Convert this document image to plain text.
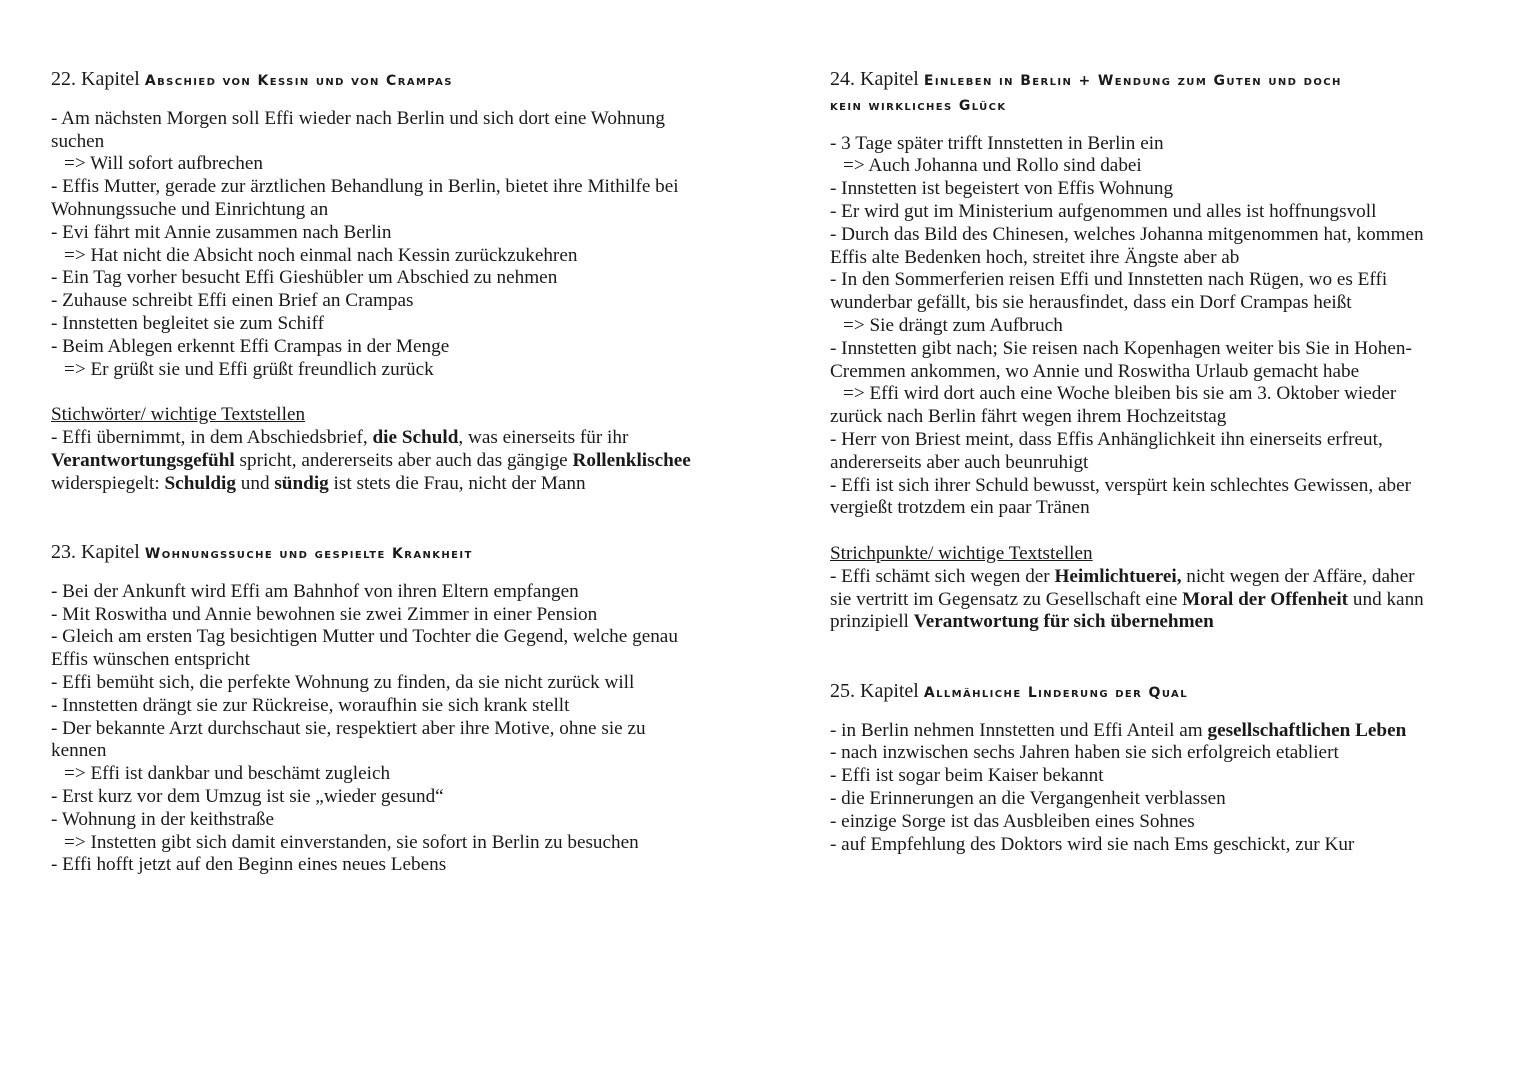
22. Kapitel Abschied von Kessin und von Crampas

- Am nächsten Morgen soll Effi wieder nach Berlin und sich dort eine Wohnung

suchen

=> Will sofort aufbrechen

- Effis Mutter, gerade zur ärztlichen Behandlung in Berlin, bietet ihre Mithilfe bei

Wohnungssuche und Einrichtung an

- Evi fährt mit Annie zusammen nach Berlin

=> Hat nicht die Absicht noch einmal nach Kessin zurückzukehren

- Ein Tag vorher besucht Effi Gieshübler um Abschied zu nehmen

- Zuhause schreibt Effi einen Brief an Crampas

- Innstetten begleitet sie zum Schiff

- Beim Ablegen erkennt Effi Crampas in der Menge

=> Er grüßt sie und Effi grüßt freundlich zurück

Stichwörter/ wichtige Textstellen

- Effi übernimmt, in dem Abschiedsbrief, die Schuld, was einerseits für ihr

Verantwortungsgefühl spricht, andererseits aber auch das gängige Rollenklischee

widerspiegelt: Schuldig und sündig ist stets die Frau, nicht der Mann

23. Kapitel Wohnungssuche und gespielte Krankheit

- Bei der Ankunft wird Effi am Bahnhof von ihren Eltern empfangen

- Mit Roswitha und Annie bewohnen sie zwei Zimmer in einer Pension

- Gleich am ersten Tag besichtigen Mutter und Tochter die Gegend, welche genau

Effis wünschen entspricht

- Effi bemüht sich, die perfekte Wohnung zu finden, da sie nicht zurück will

- Innstetten drängt sie zur Rückreise, woraufhin sie sich krank stellt

- Der bekannte Arzt durchschaut sie, respektiert aber ihre Motive, ohne sie zu

kennen

=> Effi ist dankbar und beschämt zugleich

- Erst kurz vor dem Umzug ist sie „wieder gesund“

- Wohnung in der keithstraße

=> Instetten gibt sich damit einverstanden, sie sofort in Berlin zu besuchen

- Effi hofft jetzt auf den Beginn eines neues Lebens

24. Kapitel Einleben in Berlin + Wendung zum Guten und doch

kein wirkliches Glück

- 3 Tage später trifft Innstetten in Berlin ein

=> Auch Johanna und Rollo sind dabei

- Innstetten ist begeistert von Effis Wohnung

- Er wird gut im Ministerium aufgenommen und alles ist hoffnungsvoll

- Durch das Bild des Chinesen, welches Johanna mitgenommen hat, kommen

Effis alte Bedenken hoch, streitet ihre Ängste aber ab

- In den Sommerferien reisen Effi und Innstetten nach Rügen, wo es Effi

wunderbar gefällt, bis sie herausfindet, dass ein Dorf Crampas heißt

=> Sie drängt zum Aufbruch

- Innstetten gibt nach; Sie reisen nach Kopenhagen weiter bis Sie in Hohen-

Cremmen ankommen, wo Annie und Roswitha Urlaub gemacht habe

=> Effi wird dort auch eine Woche bleiben bis sie am 3. Oktober wieder

zurück nach Berlin fährt wegen ihrem Hochzeitstag

- Herr von Briest meint, dass Effis Anhänglichkeit ihn einerseits erfreut,

andererseits aber auch beunruhigt

- Effi ist sich ihrer Schuld bewusst, verspürt kein schlechtes Gewissen, aber

vergießt trotzdem ein paar Tränen

Strichpunkte/ wichtige Textstellen

- Effi schämt sich wegen der Heimlichtuerei, nicht wegen der Affäre, daher

sie vertritt im Gegensatz zu Gesellschaft eine Moral der Offenheit und kann

prinzipiell Verantwortung für sich übernehmen

25. Kapitel Allmähliche Linderung der Qual

- in Berlin nehmen Innstetten und Effi Anteil am gesellschaftlichen Leben

- nach inzwischen sechs Jahren haben sie sich erfolgreich etabliert

- Effi ist sogar beim Kaiser bekannt

- die Erinnerungen an die Vergangenheit verblassen

- einzige Sorge ist das Ausbleiben eines Sohnes

- auf Empfehlung des Doktors wird sie nach Ems geschickt, zur Kur
